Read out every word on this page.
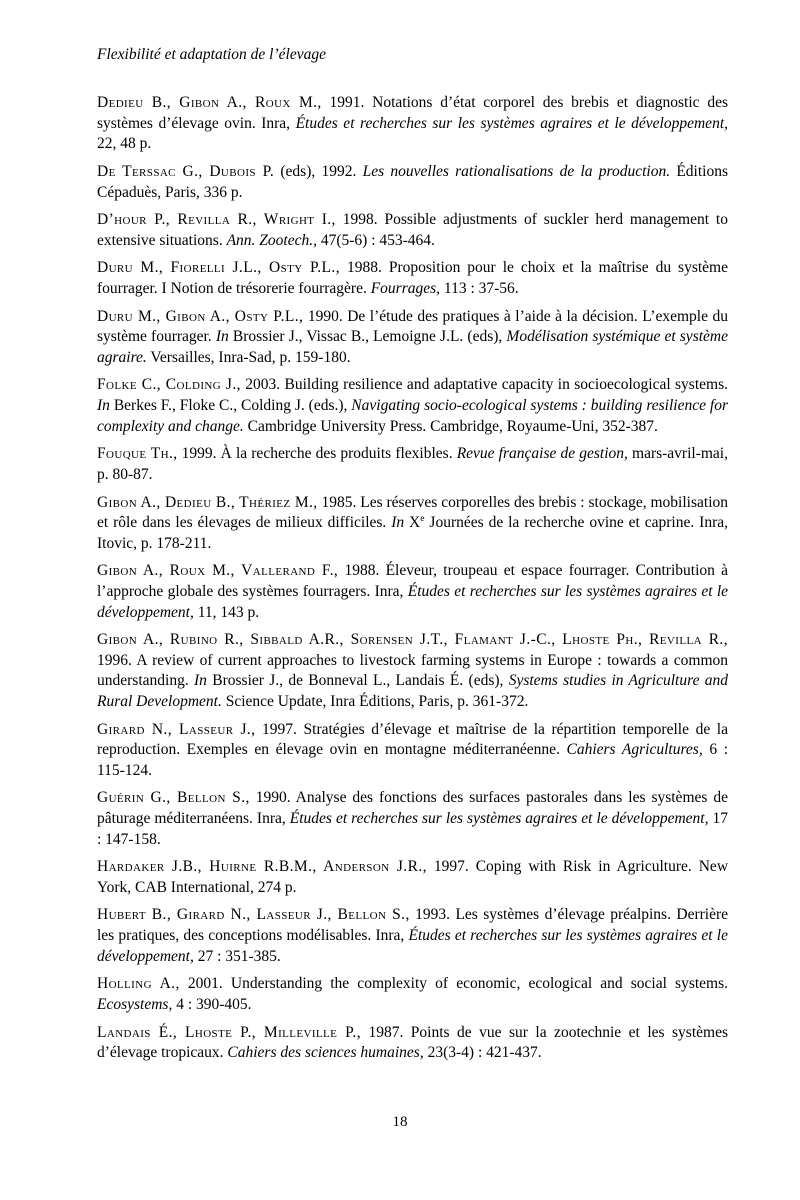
Flexibilité et adaptation de l’élevage

Dedieu B., Gibon A., Roux M., 1991. Notations d’état corporel des brebis et diagnostic des systèmes d’élevage ovin. Inra, Études et recherches sur les systèmes agraires et le développement, 22, 48 p.

De Terssac G., Dubois P. (eds), 1992. Les nouvelles rationalisations de la production. Éditions Cépaduès, Paris, 336 p.

D’hour P., Revilla R., Wright I., 1998. Possible adjustments of suckler herd management to extensive situations. Ann. Zootech., 47(5-6) : 453-464.

Duru M., Fiorelli J.L., Osty P.L., 1988. Proposition pour le choix et la maîtrise du système fourrager. I Notion de trésorerie fourragère. Fourrages, 113 : 37-56.

Duru M., Gibon A., Osty P.L., 1990. De l’étude des pratiques à l’aide à la décision. L’exemple du système fourrager. In Brossier J., Vissac B., Lemoigne J.L. (eds), Modélisation systémique et système agraire. Versailles, Inra-Sad, p. 159-180.

Folke C., Colding J., 2003. Building resilience and adaptative capacity in socioecological systems. In Berkes F., Floke C., Colding J. (eds.), Navigating socio-ecological systems : building resilience for complexity and change. Cambridge University Press. Cambridge, Royaume-Uni, 352-387.

Fouque Th., 1999. À la recherche des produits flexibles. Revue française de gestion, mars-avril-mai, p. 80-87.

Gibon A., Dedieu B., Thériez M., 1985. Les réserves corporelles des brebis : stockage, mobilisation et rôle dans les élevages de milieux difficiles. In Xe Journées de la recherche ovine et caprine. Inra, Itovic, p. 178-211.

Gibon A., Roux M., Vallerand F., 1988. Éleveur, troupeau et espace fourrager. Contribution à l’approche globale des systèmes fourragers. Inra, Études et recherches sur les systèmes agraires et le développement, 11, 143 p.

Gibon A., Rubino R., Sibbald A.R., Sorensen J.T., Flamant J.-C., Lhoste Ph., Revilla R., 1996. A review of current approaches to livestock farming systems in Europe : towards a common understanding. In Brossier J., de Bonneval L., Landais É. (eds), Systems studies in Agriculture and Rural Development. Science Update, Inra Éditions, Paris, p. 361-372.

Girard N., Lasseur J., 1997. Stratégies d’élevage et maîtrise de la répartition temporelle de la reproduction. Exemples en élevage ovin en montagne méditerranéenne. Cahiers Agricultures, 6 : 115-124.

Guérin G., Bellon S., 1990. Analyse des fonctions des surfaces pastorales dans les systèmes de pâturage méditerranéens. Inra, Études et recherches sur les systèmes agraires et le développement, 17 : 147-158.

Hardaker J.B., Huirne R.B.M., Anderson J.R., 1997. Coping with Risk in Agriculture. New York, CAB International, 274 p.

Hubert B., Girard N., Lasseur J., Bellon S., 1993. Les systèmes d’élevage préalpins. Derrière les pratiques, des conceptions modélisables. Inra, Études et recherches sur les systèmes agraires et le développement, 27 : 351-385.

Holling A., 2001. Understanding the complexity of economic, ecological and social systems. Ecosystems, 4 : 390-405.

Landais É., Lhoste P., Milleville P., 1987. Points de vue sur la zootechnie et les systèmes d’élevage tropicaux. Cahiers des sciences humaines, 23(3-4) : 421-437.

18
